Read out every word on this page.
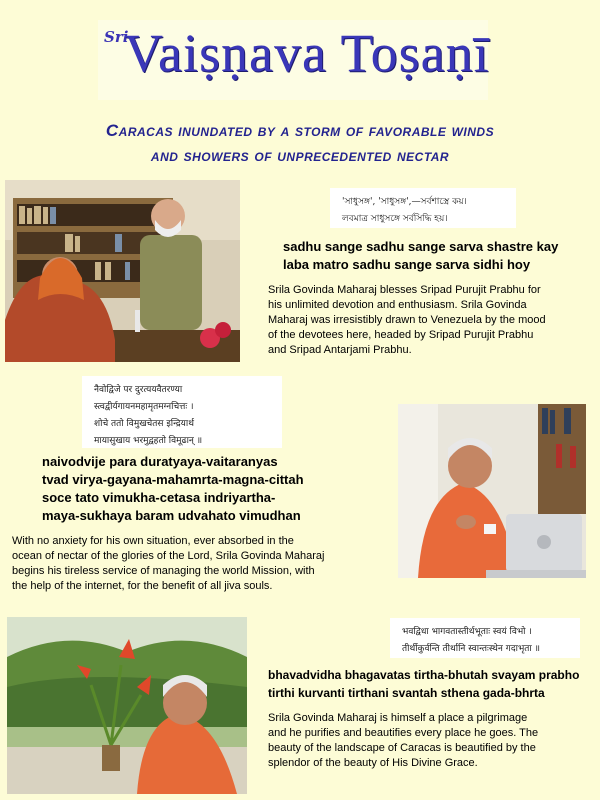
Sri
Vaiṣṇava Toṣaṇī
Caracas inundated by a storm of favorable winds
and showers of unprecedented nectar
'সাধুসঙ্গ', 'সাধুসঙ্গ',—সর্বশাস্ত্রে কয়।
লবমাত্র সাধুসঙ্গে সর্বসিদ্ধি হয়।
sadhu sange sadhu sange sarva shastre kay
laba matro sadhu sange sarva sidhi hoy
Srila Govinda Maharaj blesses Sripad Purujit Prabhu for
his unlimited devotion and enthusiasm. Srila Govinda
Maharaj was irresistibly drawn to Venezuela by the mood
of the devotees here, headed by Sripad Purujit Prabhu
and Sripad Antarjami Prabhu.
नैवोद्विजे पर दुरत्ययवैतरण्या
स्त्वद्वीर्यगायनमहामृतमग्नचित्तः ।
शोचे ततो विमुखचेतस इन्द्रियार्थ
मायासुखाय भरमुद्वहतो विमूढान् ॥
naivodvije para duratyaya-vaitaranyas
tvad virya-gayana-mahamrta-magna-cittah
soce tato vimukha-cetasa indriyartha-
maya-sukhaya baram udvahato vimudhan
With no anxiety for his own situation, ever absorbed in the
ocean of nectar of the glories of the Lord, Srila Govinda Maharaj
begins his tireless service of managing the world Mission, with
the help of the internet, for the benefit of all jiva souls.
भवद्विधा भागवतास्तीर्थभूताः स्वयं विभो ।
तीर्थीकुर्वन्ति तीर्थानि स्वान्तःस्थेन गदाभृता ॥
bhavadvidha bhagavatas tirtha-bhutah svayam prabho
tirthi kurvanti tirthani svantah sthena gada-bhrta
Srila Govinda Maharaj is himself a place a pilgrimage
and he purifies and beautifies every place he goes. The
beauty of the landscape of Caracas is beautified by the
splendor of the beauty of His Divine Grace.
